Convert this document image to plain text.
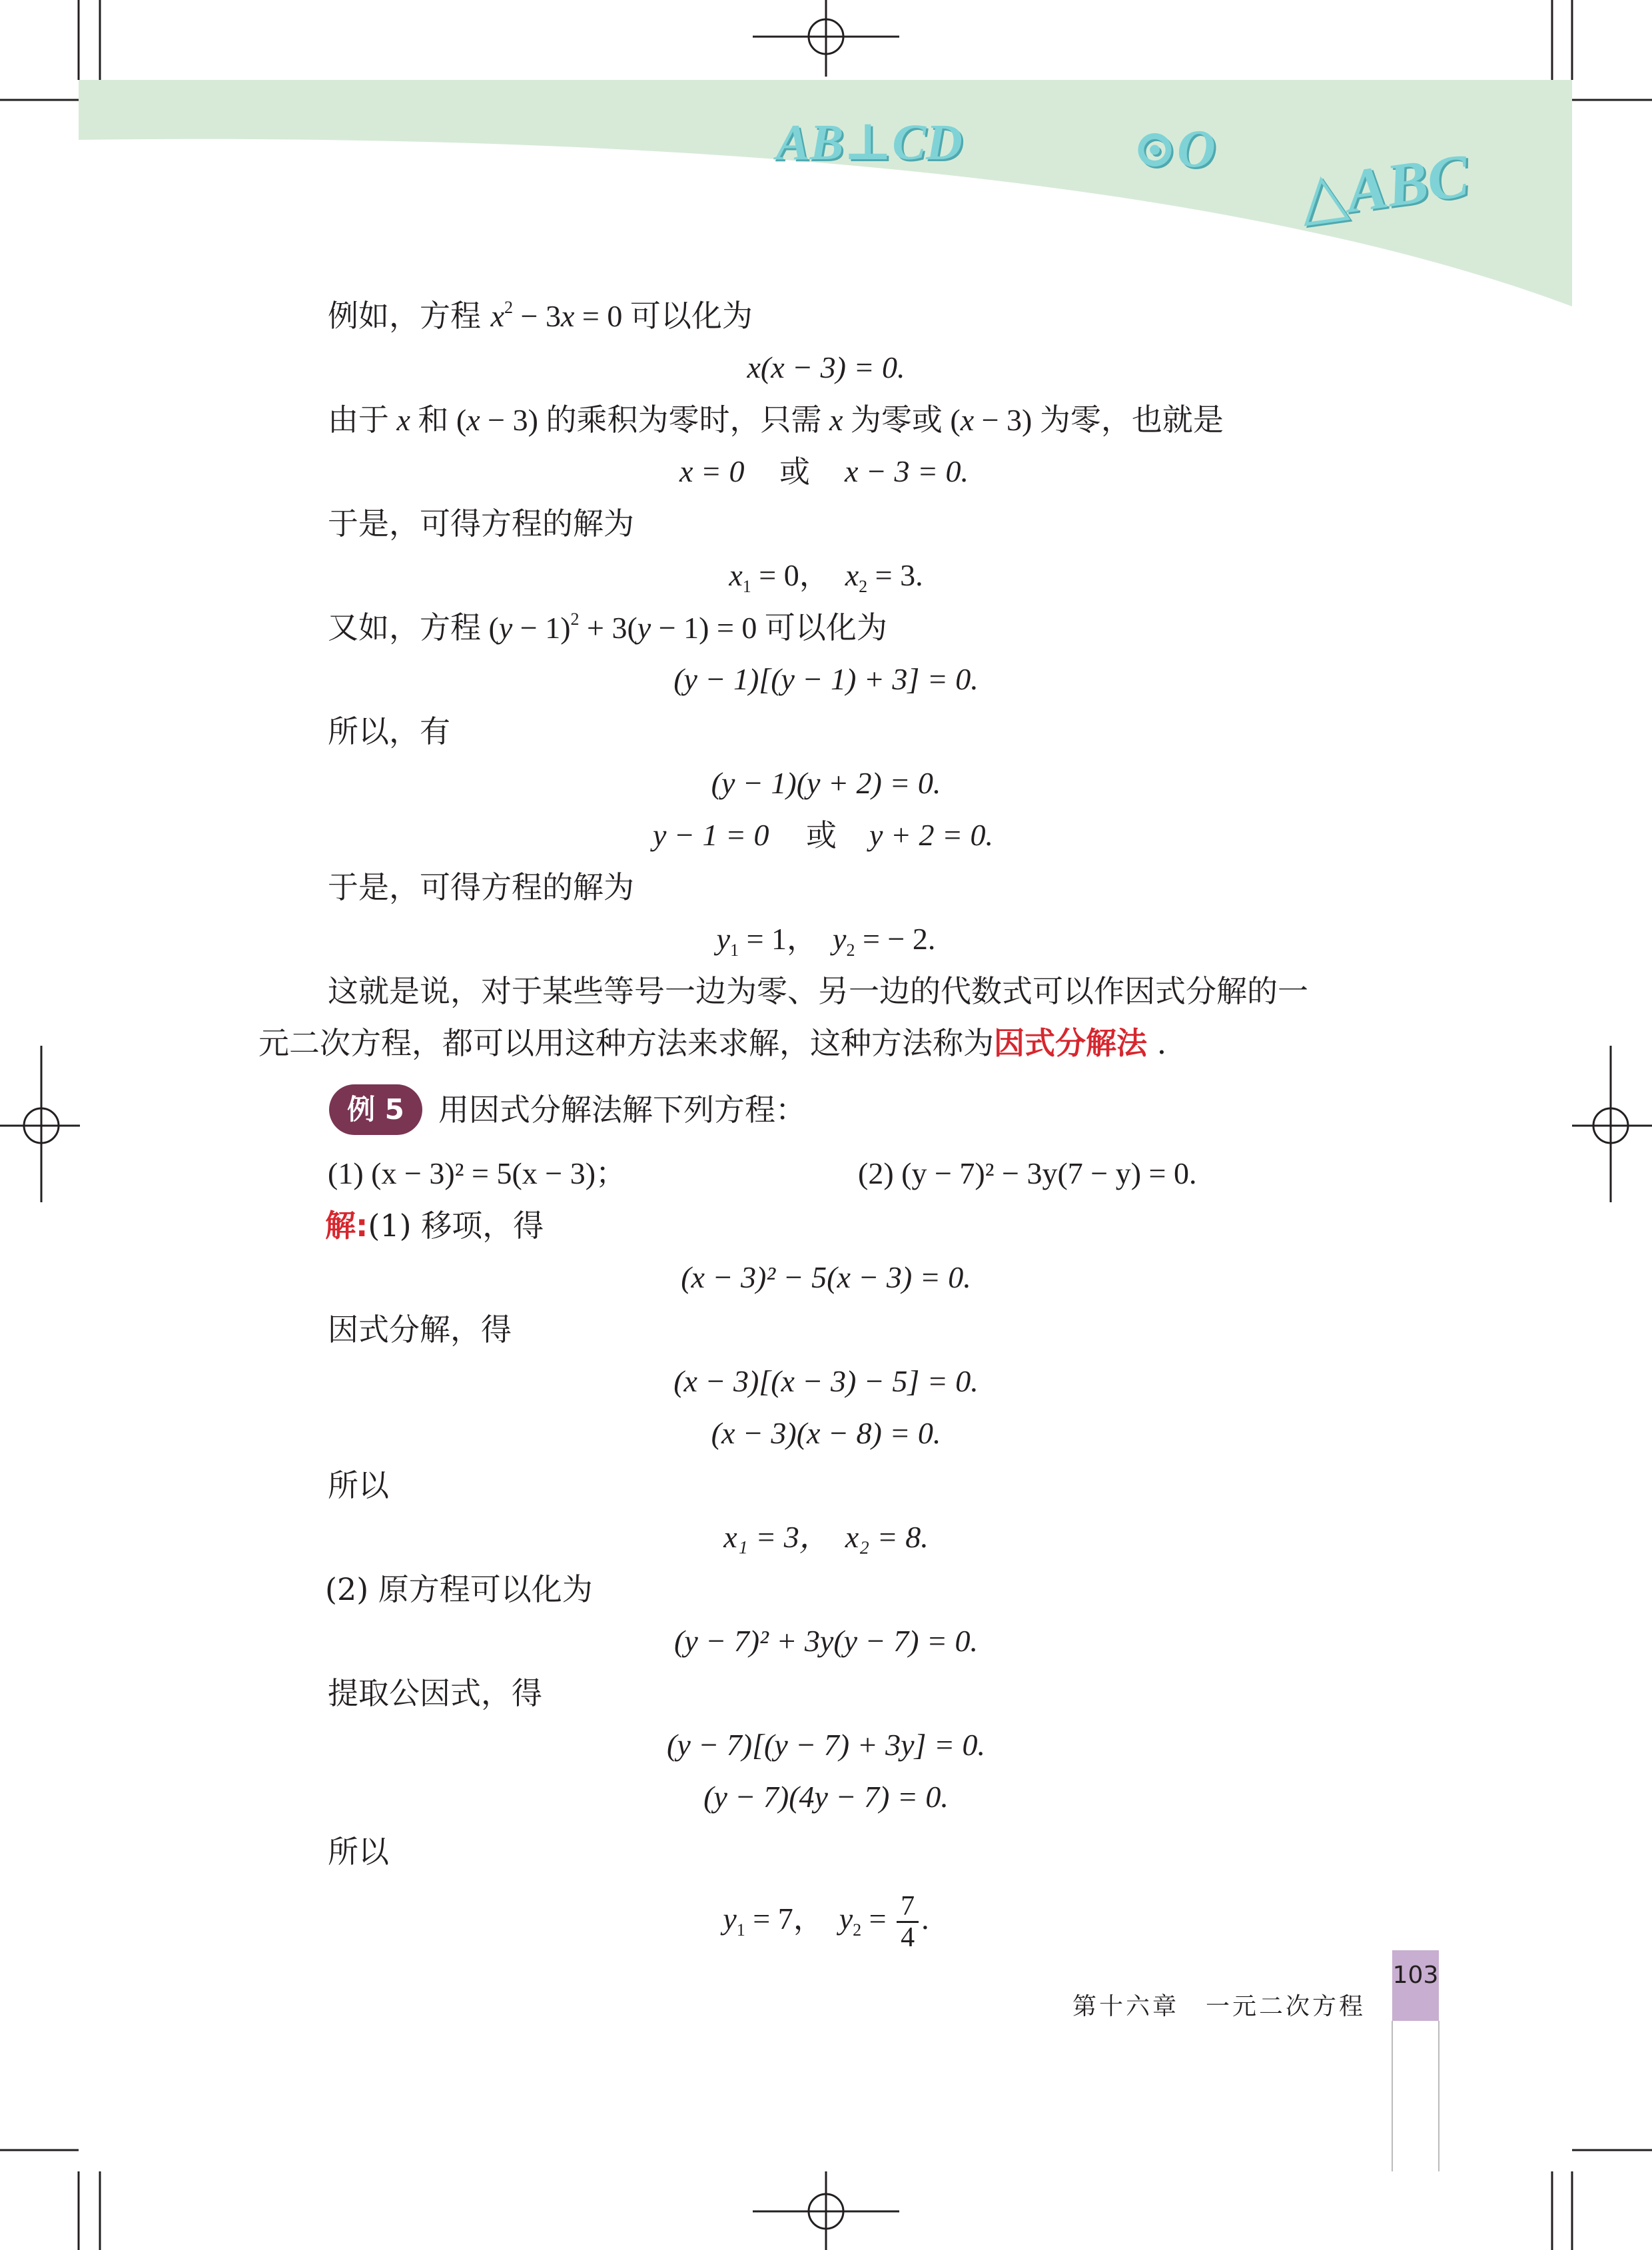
AB⊥CD	⊙O △ABC
例如，方程 $x^2 - 3x = 0$ 可以化为
x(x − 3) = 0.
由于 x 和 (x − 3) 的乘积为零时，只需 x 为零或 (x − 3) 为零，也就是
x = 0 或 x − 3 = 0.
于是，可得方程的解为
$x_1 = 0$，　$x_2 = 3$.
又如，方程 $(y - 1)^2 + 3(y - 1) = 0$ 可以化为
(y − 1)[(y − 1) + 3] = 0.
所以，有
(y − 1)(y + 2) = 0.
y − 1 = 0 或 y + 2 = 0.
于是，可得方程的解为
$y_1 = 1$，　$y_2$ = − 2.
这就是说，对于某些等号一边为零、另一边的代数式可以作因式分解的一
元二次方程，都可以用这种方法来求解，这种方法称为因式分解法 .
例 5	用因式分解法解下列方程：
(1) (x − 3)² = 5(x − 3)；	(2) (y − 7)² − 3y(7 − y) = 0.
解:(1) 移项，得
(x − 3)² − 5(x − 3) = 0.
因式分解，得
(x − 3)[(x − 3) − 5] = 0.
(x − 3)(x − 8) = 0.
所以
x₁ = 3，　x₂ = 8.
(2) 原方程可以化为
(y − 7)² + 3y(y − 7) = 0.
提取公因式，得
(y − 7)[(y − 7) + 3y] = 0.
(y − 7)(4y − 7) = 0.
所以
$y_1 = 7$，　$y_2 = \frac{7}{4}$ .
第十六章　一元二次方程
103
